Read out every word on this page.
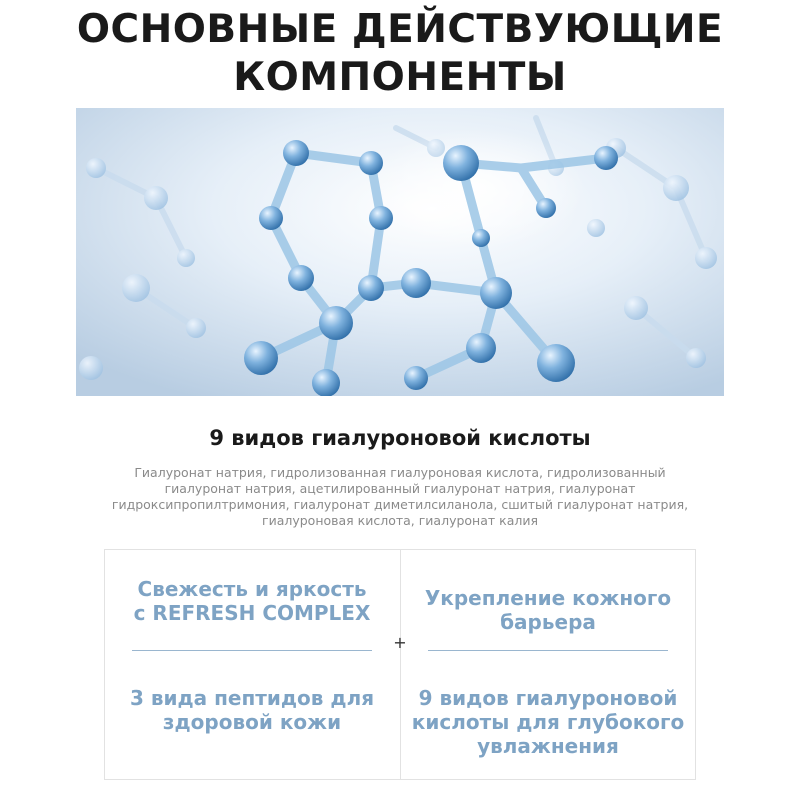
ОСНОВНЫЕ ДЕЙСТВУЮЩИЕ
КОМПОНЕНТЫ
9 видов гиалуроновой кислоты
Гиалуронат натрия, гидролизованная гиалуроновая кислота, гидролизованный
гиалуронат натрия, ацетилированный гиалуронат натрия, гиалуронат
гидроксипропилтримония, гиалуронат диметилсиланола, сшитый гиалуронат натрия,
гиалуроновая кислота, гиалуронат калия
Свежесть и яркость
с REFRESH COMPLEX
Укрепление кожного
барьера
+
3 вида пептидов для
здоровой кожи
9 видов гиалуроновой
кислоты для глубокого
увлажнения
